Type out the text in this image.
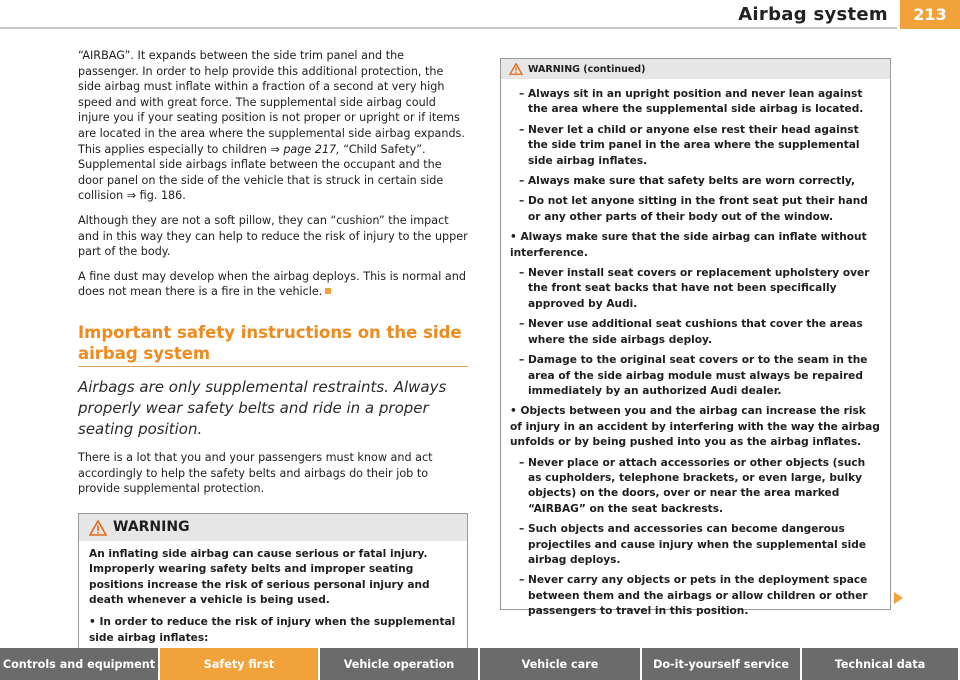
Airbag system	213

“AIRBAG”. It expands between the side trim panel and the passenger. In order to help provide this additional protection, the side airbag must inflate within a fraction of a second at very high speed and with great force. The supplemental side airbag could injure you if your seating position is not proper or upright or if items are located in the area where the supplemental side airbag expands. This applies especially to children ⇒ page 217, “Child Safety”. Supplemental side airbags inflate between the occupant and the door panel on the side of the vehicle that is struck in certain side collision ⇒ fig. 186.

Although they are not a soft pillow, they can “cushion” the impact and in this way they can help to reduce the risk of injury to the upper part of the body.

A fine dust may develop when the airbag deploys. This is normal and does not mean there is a fire in the vehicle.

Important safety instructions on the side airbag system
Airbags are only supplemental restraints. Always properly wear safety belts and ride in a proper seating position.

There is a lot that you and your passengers must know and act accordingly to help the safety belts and airbags do their job to provide supplemental protection.

WARNING

An inflating side airbag can cause serious or fatal injury. Improperly wearing safety belts and improper seating positions increase the risk of serious personal injury and death whenever a vehicle is being used.

• In order to reduce the risk of injury when the supplemental side airbag inflates:

WARNING (continued)

– Always sit in an upright position and never lean against the area where the supplemental side airbag is located.

– Never let a child or anyone else rest their head against the side trim panel in the area where the supplemental side airbag inflates.

– Always make sure that safety belts are worn correctly,

– Do not let anyone sitting in the front seat put their hand or any other parts of their body out of the window.

• Always make sure that the side airbag can inflate without interference.

– Never install seat covers or replacement upholstery over the front seat backs that have not been specifically approved by Audi.

– Never use additional seat cushions that cover the areas where the side airbags deploy.

– Damage to the original seat covers or to the seam in the area of the side airbag module must always be repaired immediately by an authorized Audi dealer.

• Objects between you and the airbag can increase the risk of injury in an accident by interfering with the way the airbag unfolds or by being pushed into you as the airbag inflates.

– Never place or attach accessories or other objects (such as cupholders, telephone brackets, or even large, bulky objects) on the doors, over or near the area marked “AIRBAG” on the seat backrests.

– Such objects and accessories can become dangerous projectiles and cause injury when the supplemental side airbag deploys.

– Never carry any objects or pets in the deployment space between them and the airbags or allow children or other passengers to travel in this position.

Controls and equipment	Safety first	Vehicle operation	Vehicle care	Do-it-yourself service	Technical data
